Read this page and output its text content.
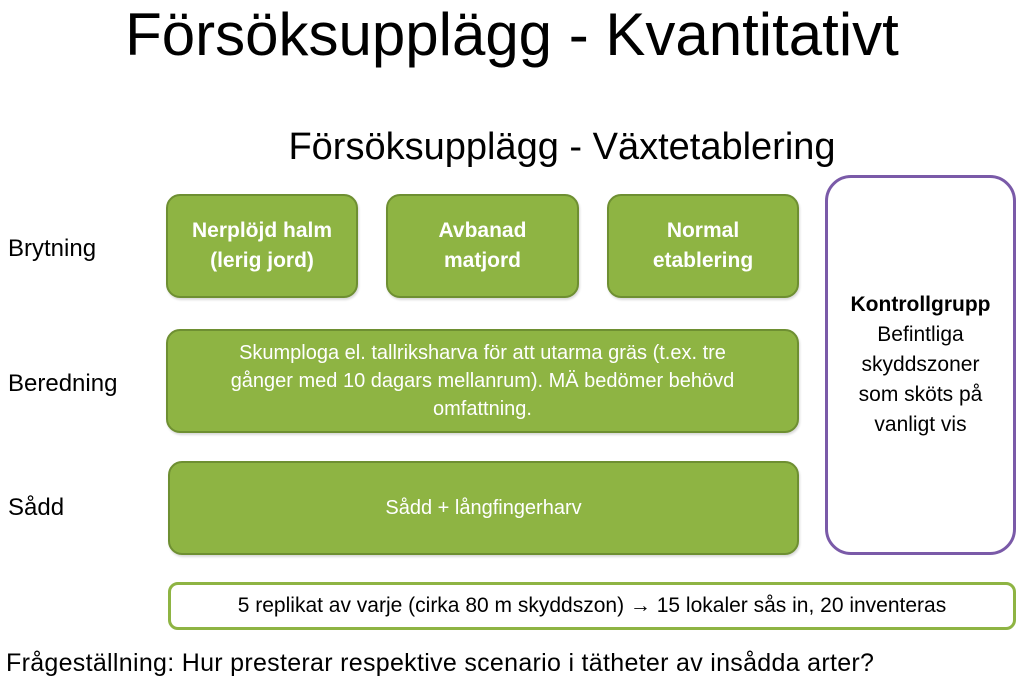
Försöksupplägg - Kvantitativt
Försöksupplägg - Växtetablering
Brytning
Beredning
Sådd
Nerplöjd halm
(lerig jord)
Avbanad
matjord
Normal
etablering
Skumploga el. tallriksharva för att utarma gräs (t.ex. tre
gånger med 10 dagars mellanrum). MÄ bedömer behövd
omfattning.
Sådd + långfingerharv
Kontrollgrupp
Befintliga
skyddszoner
som sköts på
vanligt vis
5 replikat av varje (cirka 80 m skyddszon) → 15 lokaler sås in, 20 inventeras
Frågeställning: Hur presterar respektive scenario i tätheter av insådda arter?
